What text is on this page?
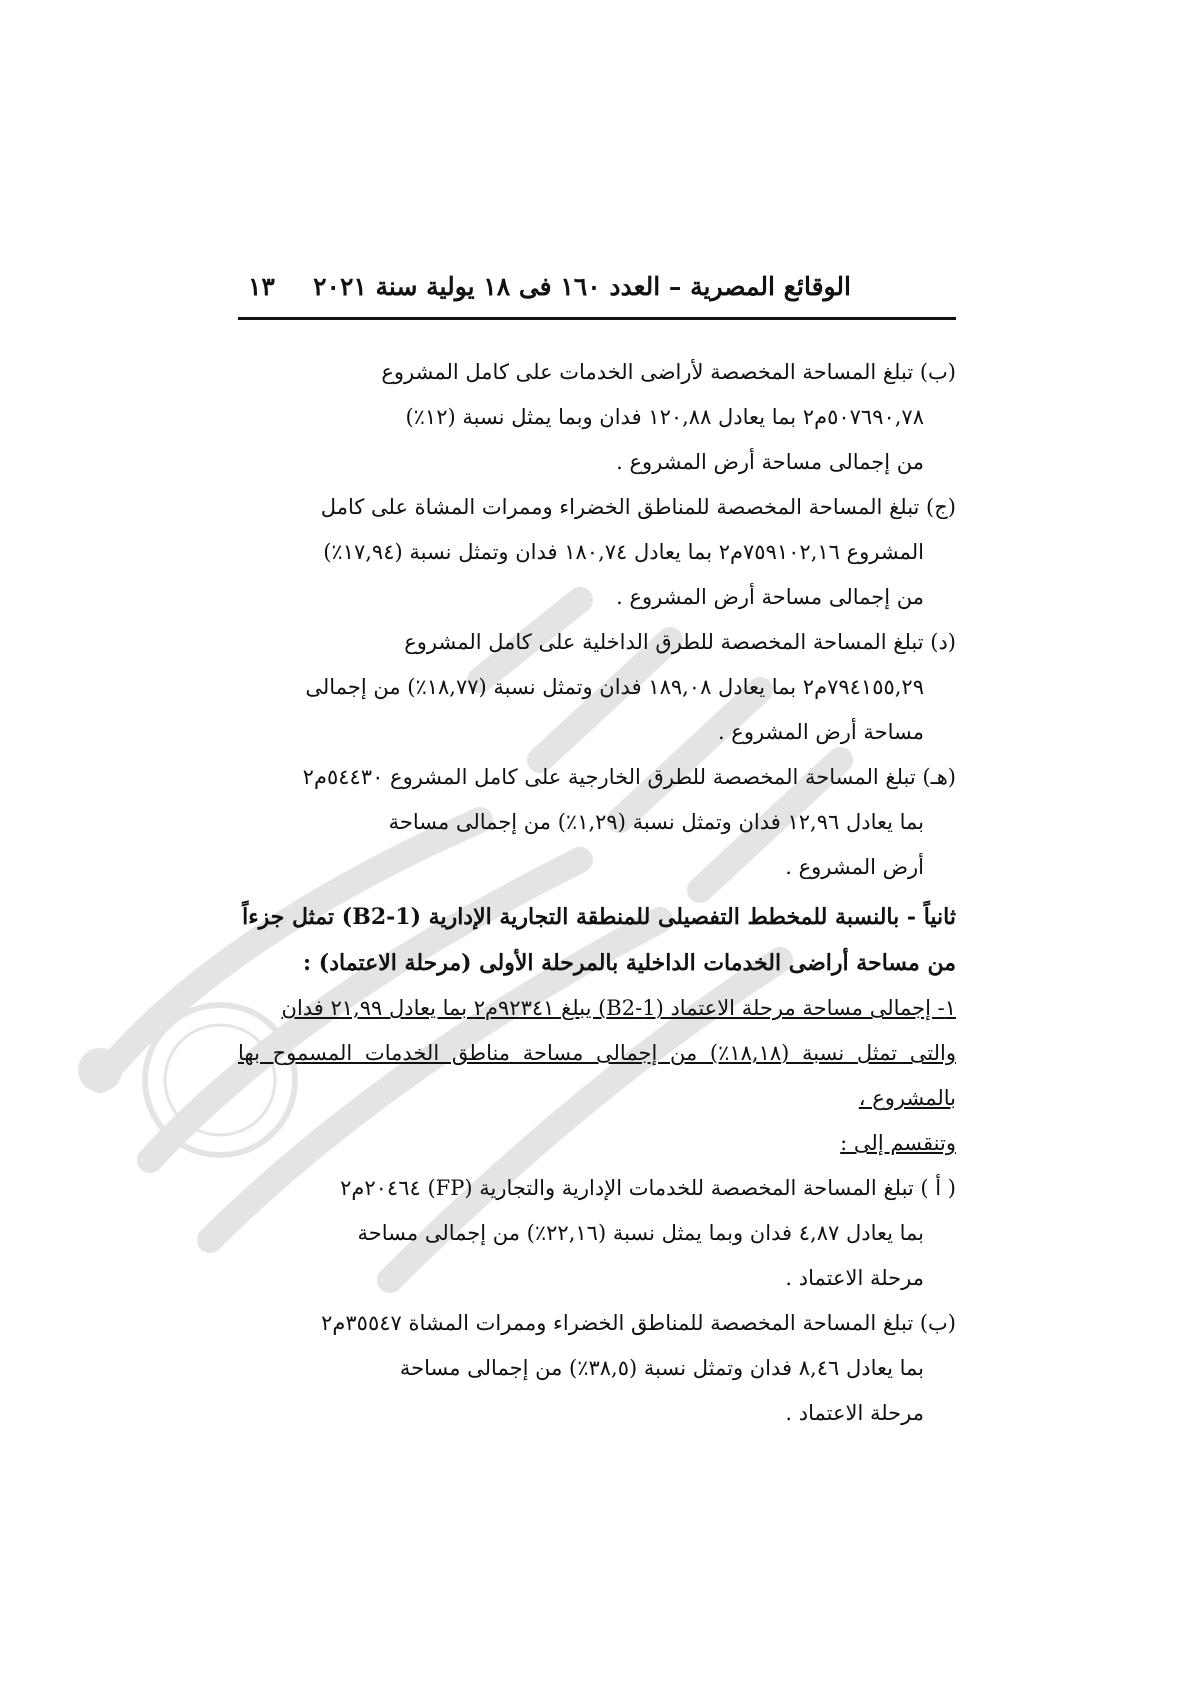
الوقائع المصرية – العدد ١٦٠ فى ١٨ يولية سنة ٢٠٢١
١٣
(ب) تبلغ المساحة المخصصة لأراضى الخدمات على كامل المشروع
٥٠٧٦٩٠,٧٨م٢ بما يعادل ١٢٠,٨٨ فدان وبما يمثل نسبة (١٢٪)
من إجمالى مساحة أرض المشروع .
(ج) تبلغ المساحة المخصصة للمناطق الخضراء وممرات المشاة على كامل
المشروع ٧٥٩١٠٢,١٦م٢ بما يعادل ١٨٠,٧٤ فدان وتمثل نسبة (١٧,٩٤٪)
من إجمالى مساحة أرض المشروع .
(د) تبلغ المساحة المخصصة للطرق الداخلية على كامل المشروع
٧٩٤١٥٥,٢٩م٢ بما يعادل ١٨٩,٠٨ فدان وتمثل نسبة (١٨,٧٧٪) من إجمالى
مساحة أرض المشروع .
(هـ) تبلغ المساحة المخصصة للطرق الخارجية على كامل المشروع ٥٤٤٣٠م٢
بما يعادل ١٢,٩٦ فدان وتمثل نسبة (١,٢٩٪) من إجمالى مساحة
أرض المشروع .
ثانياً - بالنسبة للمخطط التفصيلى للمنطقة التجارية الإدارية (1-B2) تمثل جزءاً
من مساحة أراضى الخدمات الداخلية بالمرحلة الأولى (مرحلة الاعتماد) :
١- إجمالى مساحة مرحلة الاعتماد (1-B2) يبلغ ٩٢٣٤١م٢ بما يعادل ٢١,٩٩ فدان
والتى تمثل نسبة (١٨,١٨٪) من إجمالى مساحة مناطق الخدمات المسموح بها بالمشروع ،
وتنقسم إلى :
( أ ) تبلغ المساحة المخصصة للخدمات الإدارية والتجارية (FP) ٢٠٤٦٤م٢
بما يعادل ٤,٨٧ فدان وبما يمثل نسبة (٢٢,١٦٪) من إجمالى مساحة
مرحلة الاعتماد .
(ب) تبلغ المساحة المخصصة للمناطق الخضراء وممرات المشاة ٣٥٥٤٧م٢
بما يعادل ٨,٤٦ فدان وتمثل نسبة (٣٨,٥٪) من إجمالى مساحة
مرحلة الاعتماد .
